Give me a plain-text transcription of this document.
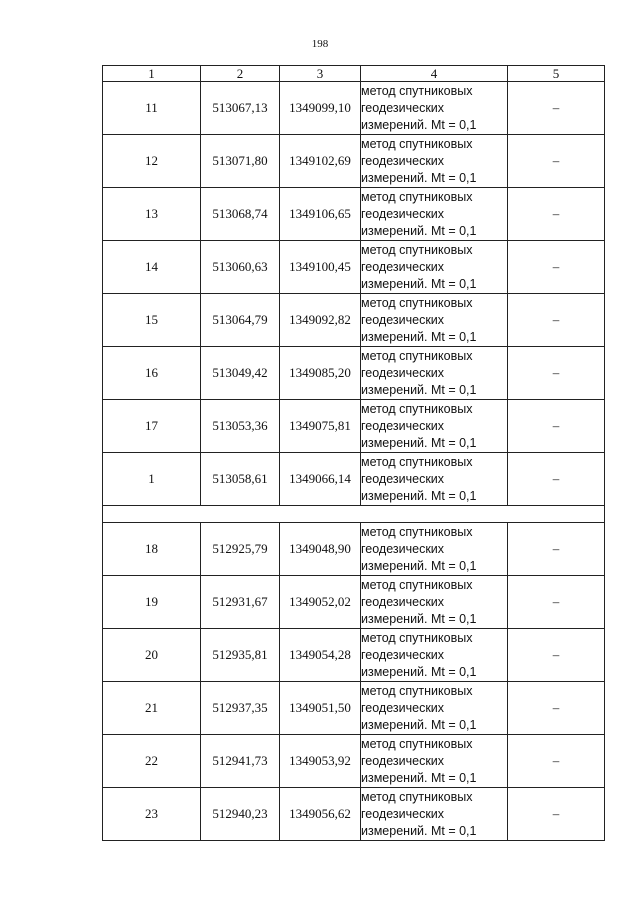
198
1	2	3	4	5
11	513067,13	1349099,10	метод спутниковых
геодезических
измерений. Mt = 0,1	–
12	513071,80	1349102,69	метод спутниковых
геодезических
измерений. Mt = 0,1	–
13	513068,74	1349106,65	метод спутниковых
геодезических
измерений. Mt = 0,1	–
14	513060,63	1349100,45	метод спутниковых
геодезических
измерений. Mt = 0,1	–
15	513064,79	1349092,82	метод спутниковых
геодезических
измерений. Mt = 0,1	–
16	513049,42	1349085,20	метод спутниковых
геодезических
измерений. Mt = 0,1	–
17	513053,36	1349075,81	метод спутниковых
геодезических
измерений. Mt = 0,1	–
1	513058,61	1349066,14	метод спутниковых
геодезических
измерений. Mt = 0,1	–

18	512925,79	1349048,90	метод спутниковых
геодезических
измерений. Mt = 0,1	–
19	512931,67	1349052,02	метод спутниковых
геодезических
измерений. Mt = 0,1	–
20	512935,81	1349054,28	метод спутниковых
геодезических
измерений. Mt = 0,1	–
21	512937,35	1349051,50	метод спутниковых
геодезических
измерений. Mt = 0,1	–
22	512941,73	1349053,92	метод спутниковых
геодезических
измерений. Mt = 0,1	–
23	512940,23	1349056,62	метод спутниковых
геодезических
измерений. Mt = 0,1	–
